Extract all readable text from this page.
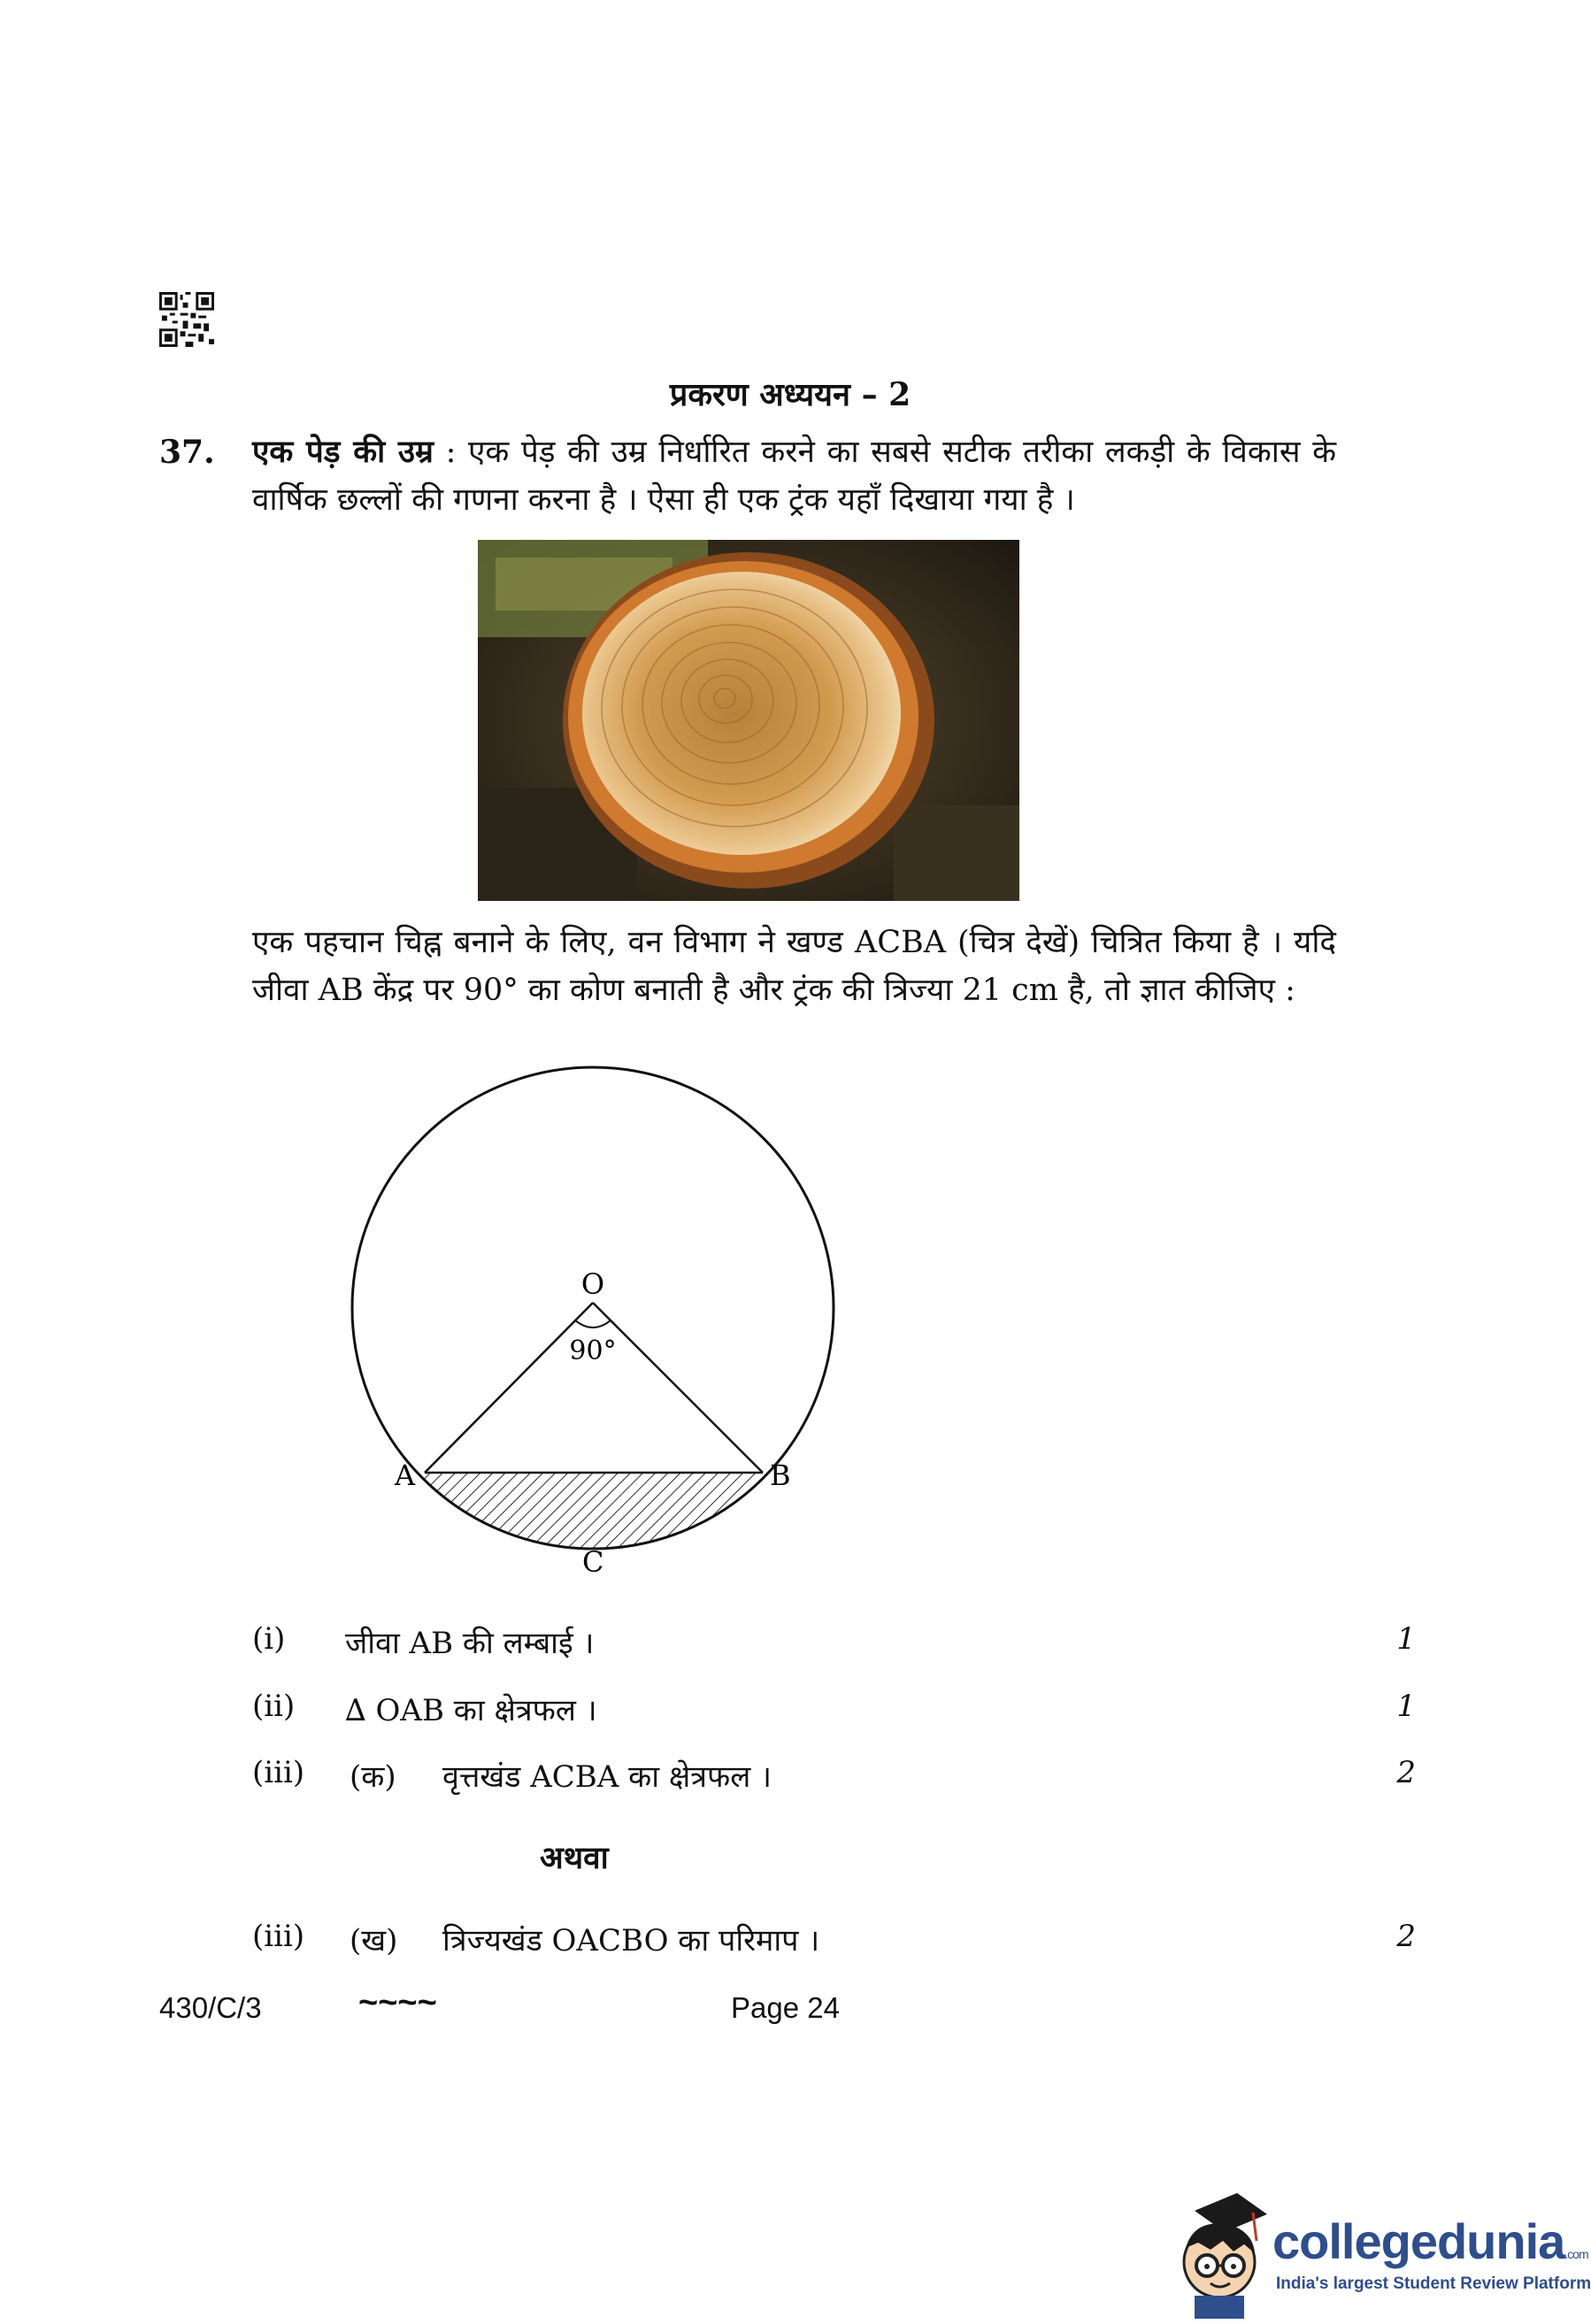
प्रकरण अध्ययन – 2
37. एक पेड़ की उम्र : एक पेड़ की उम्र निर्धारित करने का सबसे सटीक तरीका लकड़ी के विकास के वार्षिक छल्लों की गणना करना है । ऐसा ही एक ट्रंक यहाँ दिखाया गया है ।
एक पहचान चिह्न बनाने के लिए, वन विभाग ने खण्ड ACBA (चित्र देखें) चित्रित किया है । यदि जीवा AB केंद्र पर 90° का कोण बनाती है और ट्रंक की त्रिज्या 21 cm है, तो ज्ञात कीजिए :
O
90°
A	B
C
(i) जीवा AB की लम्बाई ।	1
(ii) ∆ OAB का क्षेत्रफल ।	1
(iii) (क) वृत्तखंड ACBA का क्षेत्रफल ।	2
अथवा
(iii) (ख) त्रिज्यखंड OACBO का परिमाप ।	2
430/C/3	~~~~	Page 24
collegedunia.com
India's largest Student Review Platform
